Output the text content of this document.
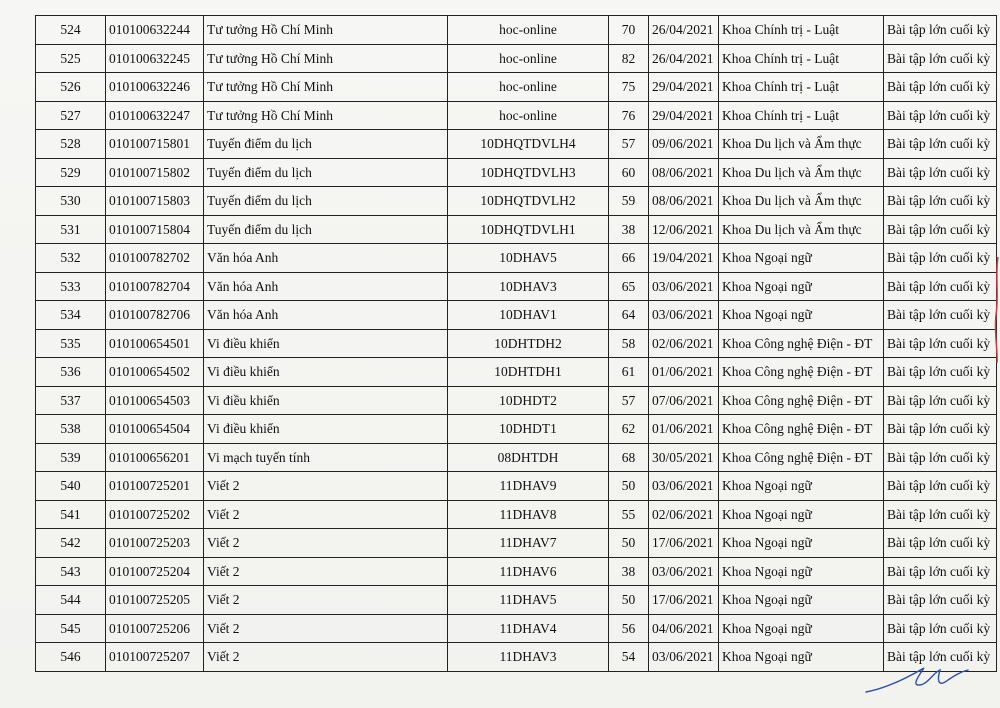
524	010100632244	Tư tưởng Hồ Chí Minh	hoc-online	70	26/04/2021	Khoa Chính trị - Luật	Bài tập lớn cuối kỳ
525	010100632245	Tư tưởng Hồ Chí Minh	hoc-online	82	26/04/2021	Khoa Chính trị - Luật	Bài tập lớn cuối kỳ
526	010100632246	Tư tưởng Hồ Chí Minh	hoc-online	75	29/04/2021	Khoa Chính trị - Luật	Bài tập lớn cuối kỳ
527	010100632247	Tư tưởng Hồ Chí Minh	hoc-online	76	29/04/2021	Khoa Chính trị - Luật	Bài tập lớn cuối kỳ
528	010100715801	Tuyến điểm du lịch	10DHQTDVLH4	57	09/06/2021	Khoa Du lịch và Ẩm thực	Bài tập lớn cuối kỳ
529	010100715802	Tuyến điểm du lịch	10DHQTDVLH3	60	08/06/2021	Khoa Du lịch và Ẩm thực	Bài tập lớn cuối kỳ
530	010100715803	Tuyến điểm du lịch	10DHQTDVLH2	59	08/06/2021	Khoa Du lịch và Ẩm thực	Bài tập lớn cuối kỳ
531	010100715804	Tuyến điểm du lịch	10DHQTDVLH1	38	12/06/2021	Khoa Du lịch và Ẩm thực	Bài tập lớn cuối kỳ
532	010100782702	Văn hóa Anh	10DHAV5	66	19/04/2021	Khoa Ngoại ngữ	Bài tập lớn cuối kỳ
533	010100782704	Văn hóa Anh	10DHAV3	65	03/06/2021	Khoa Ngoại ngữ	Bài tập lớn cuối kỳ
534	010100782706	Văn hóa Anh	10DHAV1	64	03/06/2021	Khoa Ngoại ngữ	Bài tập lớn cuối kỳ
535	010100654501	Vi điều khiển	10DHTDH2	58	02/06/2021	Khoa Công nghệ Điện - ĐT	Bài tập lớn cuối kỳ
536	010100654502	Vi điều khiển	10DHTDH1	61	01/06/2021	Khoa Công nghệ Điện - ĐT	Bài tập lớn cuối kỳ
537	010100654503	Vi điều khiển	10DHDT2	57	07/06/2021	Khoa Công nghệ Điện - ĐT	Bài tập lớn cuối kỳ
538	010100654504	Vi điều khiển	10DHDT1	62	01/06/2021	Khoa Công nghệ Điện - ĐT	Bài tập lớn cuối kỳ
539	010100656201	Vi mạch tuyến tính	08DHTDH	68	30/05/2021	Khoa Công nghệ Điện - ĐT	Bài tập lớn cuối kỳ
540	010100725201	Viết 2	11DHAV9	50	03/06/2021	Khoa Ngoại ngữ	Bài tập lớn cuối kỳ
541	010100725202	Viết 2	11DHAV8	55	02/06/2021	Khoa Ngoại ngữ	Bài tập lớn cuối kỳ
542	010100725203	Viết 2	11DHAV7	50	17/06/2021	Khoa Ngoại ngữ	Bài tập lớn cuối kỳ
543	010100725204	Viết 2	11DHAV6	38	03/06/2021	Khoa Ngoại ngữ	Bài tập lớn cuối kỳ
544	010100725205	Viết 2	11DHAV5	50	17/06/2021	Khoa Ngoại ngữ	Bài tập lớn cuối kỳ
545	010100725206	Viết 2	11DHAV4	56	04/06/2021	Khoa Ngoại ngữ	Bài tập lớn cuối kỳ
546	010100725207	Viết 2	11DHAV3	54	03/06/2021	Khoa Ngoại ngữ	Bài tập lớn cuối kỳ
